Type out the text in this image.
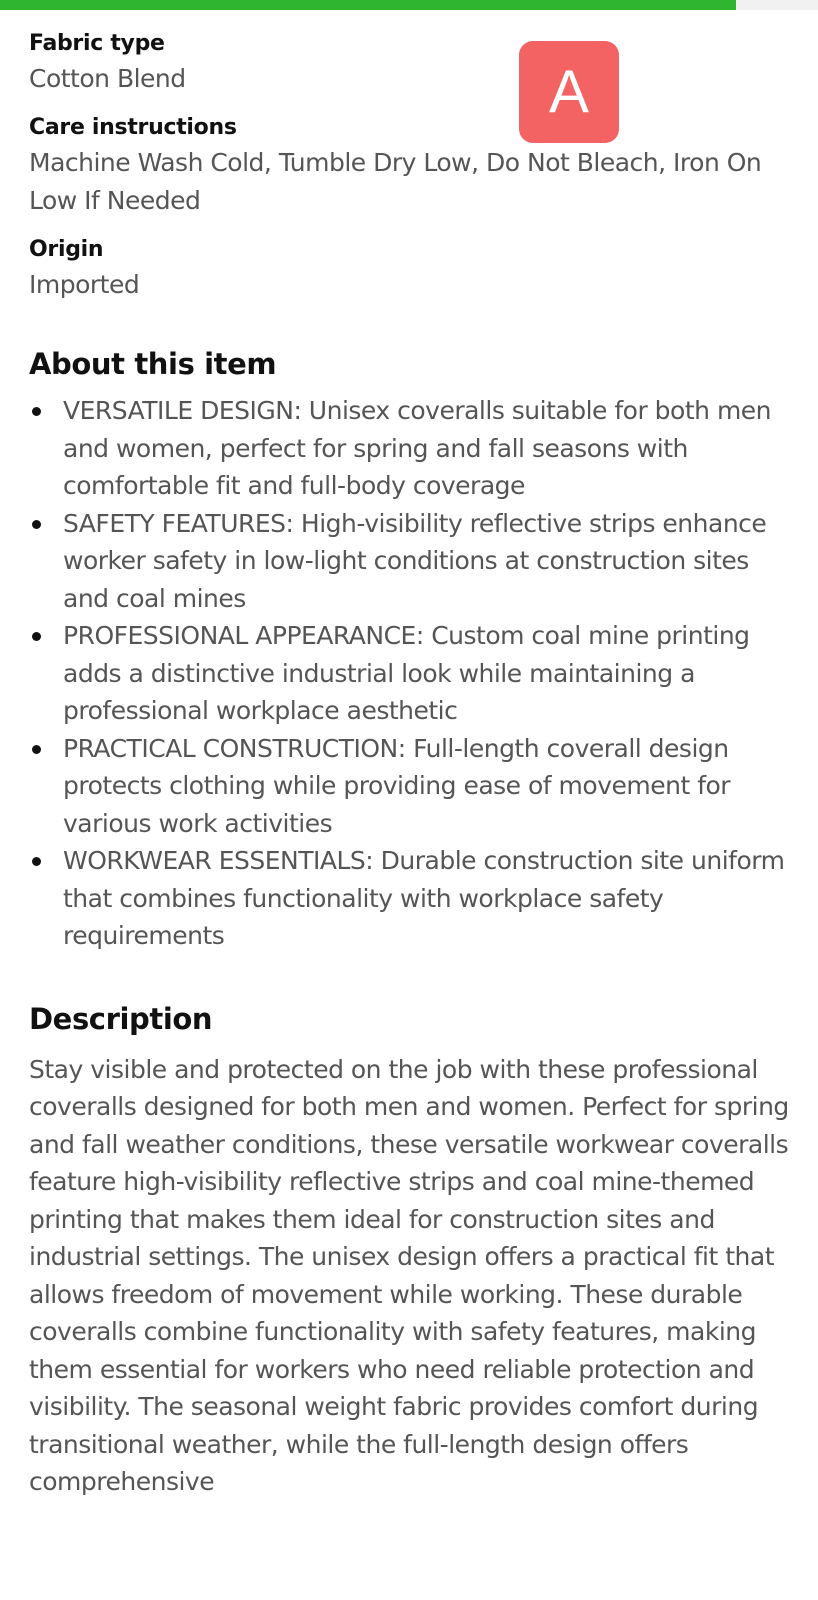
Fabric type
Cotton Blend
Care instructions
Machine Wash Cold, Tumble Dry Low, Do Not Bleach, Iron On Low If Needed
Origin
Imported
About this item
VERSATILE DESIGN: Unisex coveralls suitable for both men and women, perfect for spring and fall seasons with comfortable fit and full-body coverage
SAFETY FEATURES: High-visibility reflective strips enhance worker safety in low-light conditions at construction sites and coal mines
PROFESSIONAL APPEARANCE: Custom coal mine printing adds a distinctive industrial look while maintaining a professional workplace aesthetic
PRACTICAL CONSTRUCTION: Full-length coverall design protects clothing while providing ease of movement for various work activities
WORKWEAR ESSENTIALS: Durable construction site uniform that combines functionality with workplace safety requirements
Description
Stay visible and protected on the job with these professional coveralls designed for both men and women. Perfect for spring and fall weather conditions, these versatile workwear coveralls feature high-visibility reflective strips and coal mine-themed printing that makes them ideal for construction sites and industrial settings. The unisex design offers a practical fit that allows freedom of movement while working. These durable coveralls combine functionality with safety features, making them essential for workers who need reliable protection and visibility. The seasonal weight fabric provides comfort during transitional weather, while the full-length design offers comprehensive
A
